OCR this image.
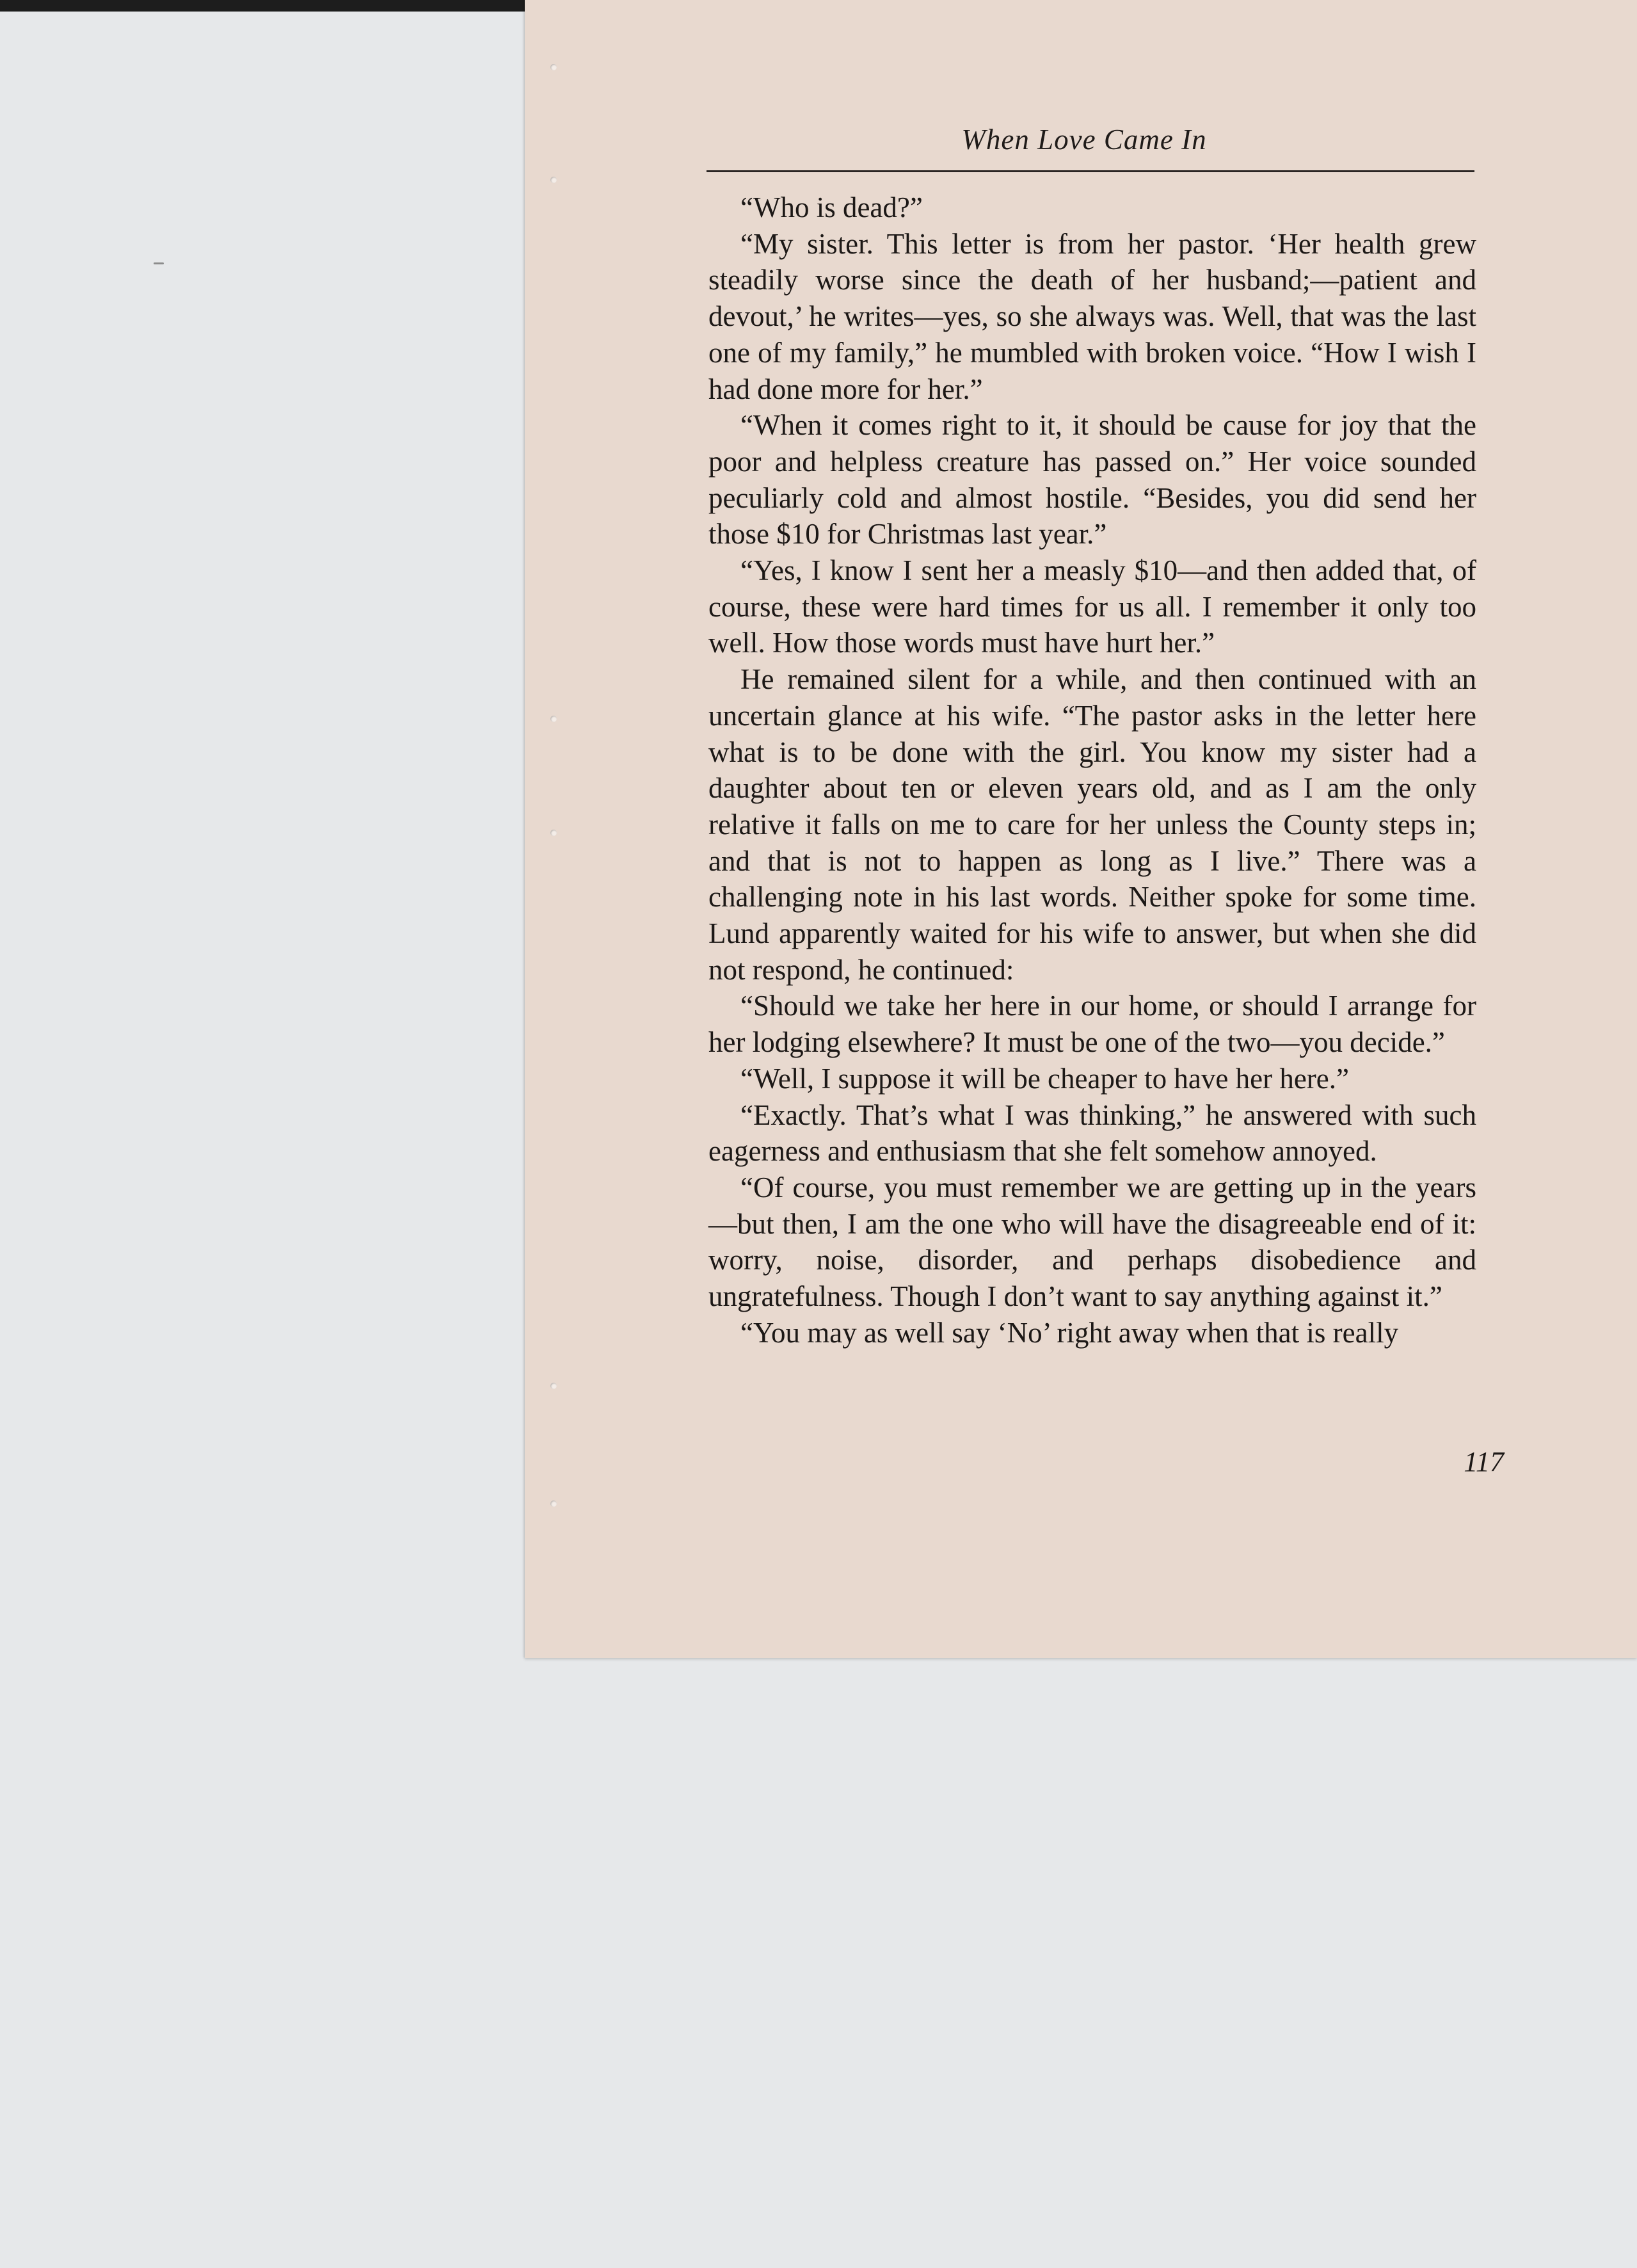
When Love Came In

“Who is dead?”

“My sister. This letter is from her pastor. ‘Her health grew steadily worse since the death of her husband;—patient and devout,’ he writes—yes, so she always was. Well, that was the last one of my family,” he mumbled with broken voice. “How I wish I had done more for her.”

“When it comes right to it, it should be cause for joy that the poor and helpless creature has passed on.” Her voice sounded peculiarly cold and almost hostile. “Besides, you did send her those $10 for Christmas last year.”

“Yes, I know I sent her a measly $10—and then added that, of course, these were hard times for us all. I remember it only too well. How those words must have hurt her.”

He remained silent for a while, and then continued with an uncertain glance at his wife. “The pastor asks in the letter here what is to be done with the girl. You know my sister had a daughter about ten or eleven years old, and as I am the only relative it falls on me to care for her unless the County steps in; and that is not to happen as long as I live.” There was a challenging note in his last words. Neither spoke for some time. Lund apparently waited for his wife to answer, but when she did not respond, he continued:

“Should we take her here in our home, or should I arrange for her lodging elsewhere? It must be one of the two—you decide.”

“Well, I suppose it will be cheaper to have her here.”

“Exactly. That’s what I was thinking,” he answered with such eagerness and enthusiasm that she felt somehow annoyed.

“Of course, you must remember we are getting up in the years—but then, I am the one who will have the disagreeable end of it: worry, noise, disorder, and perhaps disobedience and ungratefulness. Though I don’t want to say anything against it.”

“You may as well say ‘No’ right away when that is really

117
